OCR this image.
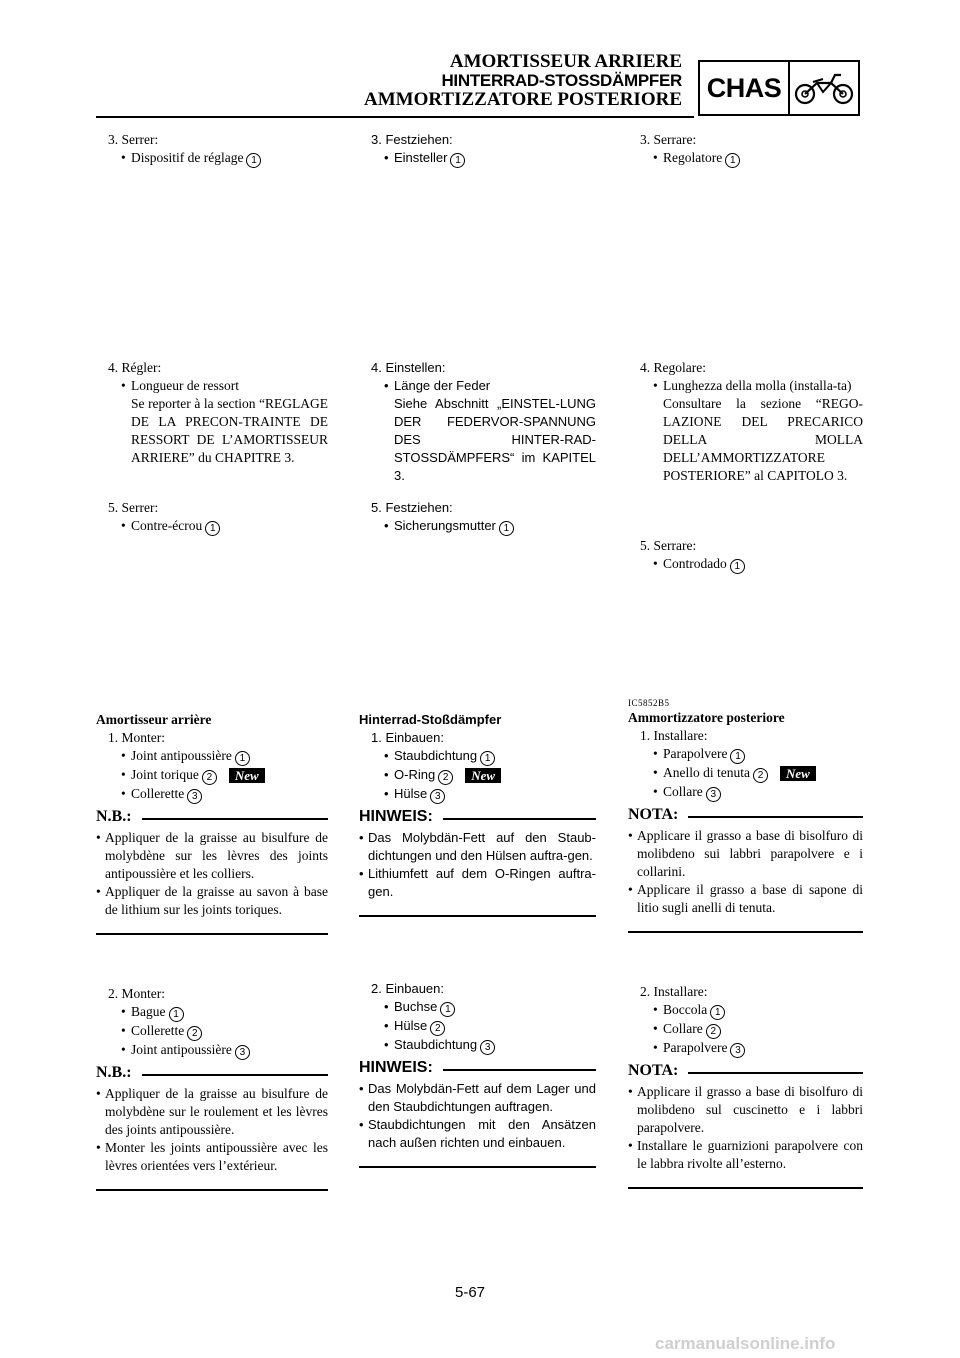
AMORTISSEUR ARRIERE
HINTERRAD-STOSSDÄMPFER
AMMORTIZZATORE POSTERIORE CHAS
3. Serrer:
• Dispositif de réglage 1
4. Régler:
• Longueur de ressort
Se reporter à la section “REGLAGE DE LA PRECON-TRAINTE DE RESSORT DE L’AMORTISSEUR ARRIERE” du CHAPITRE 3.
5. Serrer:
• Contre-écrou 1
Amortisseur arrière
1. Monter:
• Joint antipoussière 1
• Joint torique 2 New
• Collerette 3
N.B.:
• Appliquer de la graisse au bisulfure de molybdène sur les lèvres des joints antipoussière et les colliers.
• Appliquer de la graisse au savon à base de lithium sur les joints toriques.
2. Monter:
• Bague 1
• Collerette 2
• Joint antipoussière 3
N.B.:
• Appliquer de la graisse au bisulfure de molybdène sur le roulement et les lèvres des joints antipoussière.
• Monter les joints antipoussière avec les lèvres orientées vers l’extérieur.
3. Festziehen:
• Einsteller 1
4. Einstellen:
• Länge der Feder
Siehe Abschnitt „EINSTEL-LUNG DER FEDERVOR-SPANNUNG DES HINTER-RAD-STOSSDÄMPFERS“ im KAPITEL 3.
5. Festziehen:
• Sicherungsmutter 1
Hinterrad-Stoßdämpfer
1. Einbauen:
• Staubdichtung 1
• O-Ring 2 New
• Hülse 3
HINWEIS:
• Das Molybdän-Fett auf den Staub-dichtungen und den Hülsen auftra-gen.
• Lithiumfett auf dem O-Ringen auftra-gen.
2. Einbauen:
• Buchse 1
• Hülse 2
• Staubdichtung 3
HINWEIS:
• Das Molybdän-Fett auf dem Lager und den Staubdichtungen auftragen.
• Staubdichtungen mit den Ansätzen nach außen richten und einbauen.
3. Serrare:
• Regolatore 1
4. Regolare:
• Lunghezza della molla (installa-ta)
Consultare la sezione “REGO-LAZIONE DEL PRECARICO DELLA MOLLA DELL’AMMORTIZZATORE POSTERIORE” al CAPITOLO 3.
5. Serrare:
• Controdado 1
IC5852B5
Ammortizzatore posteriore
1. Installare:
• Parapolvere 1
• Anello di tenuta 2 New
• Collare 3
NOTA:
• Applicare il grasso a base di bisolfuro di molibdeno sui labbri parapolvere e i collarini.
• Applicare il grasso a base di sapone di litio sugli anelli di tenuta.
2. Installare:
• Boccola 1
• Collare 2
• Parapolvere 3
NOTA:
• Applicare il grasso a base di bisolfuro di molibdeno sul cuscinetto e i labbri parapolvere.
• Installare le guarnizioni parapolvere con le labbra rivolte all’esterno.
5-67
carmanualsonline.info
